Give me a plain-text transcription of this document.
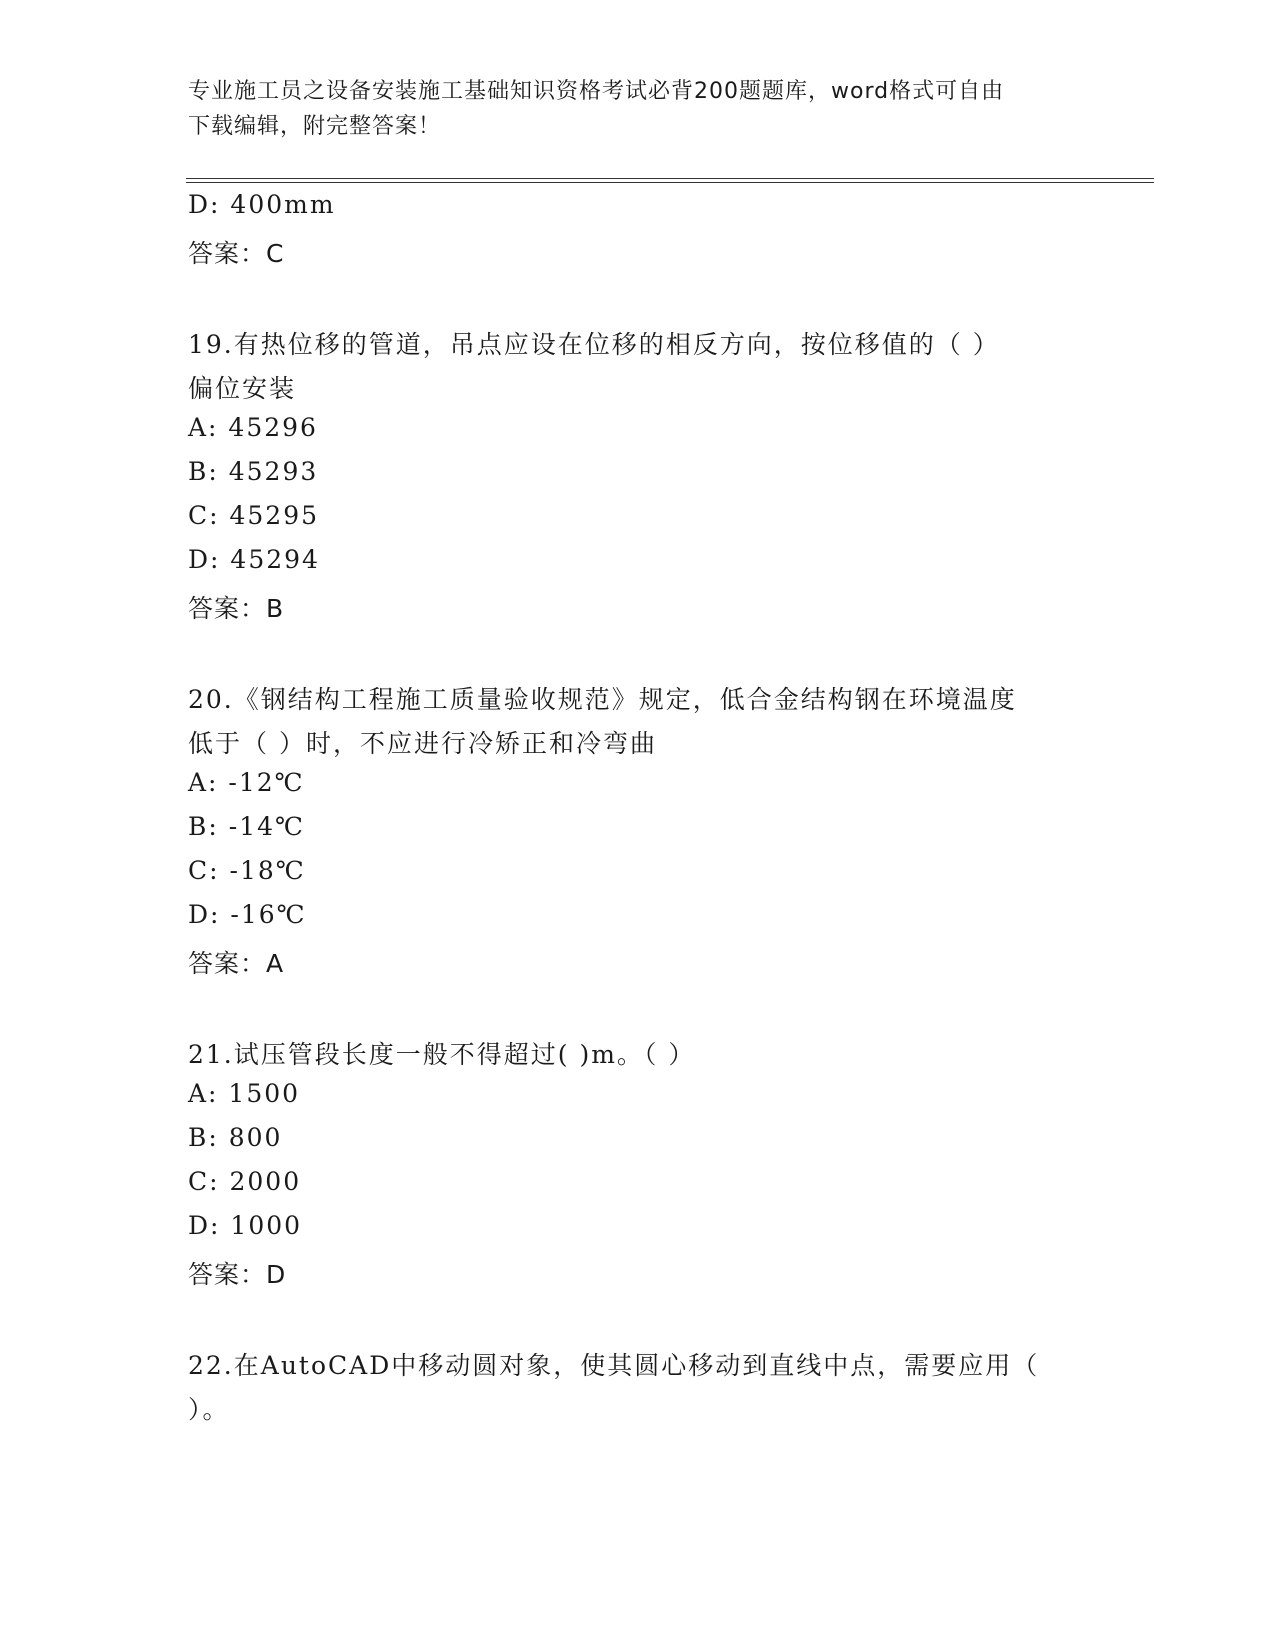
专业施工员之设备安装施工基础知识资格考试必背200题题库，word格式可自由
下载编辑，附完整答案！
D: 400mm
答案：C
19.有热位移的管道，吊点应设在位移的相反方向，按位移值的（ ）
偏位安装
A: 45296
B: 45293
C: 45295
D: 45294
答案：B
20.《钢结构工程施工质量验收规范》规定，低合金结构钢在环境温度
低于（ ）时，不应进行冷矫正和冷弯曲
A: -12℃
B: -14℃
C: -18℃
D: -16℃
答案：A
21.试压管段长度一般不得超过( )m。（ ）
A: 1500
B: 800
C: 2000
D: 1000
答案：D
22.在AutoCAD中移动圆对象，使其圆心移动到直线中点，需要应用（
）。
